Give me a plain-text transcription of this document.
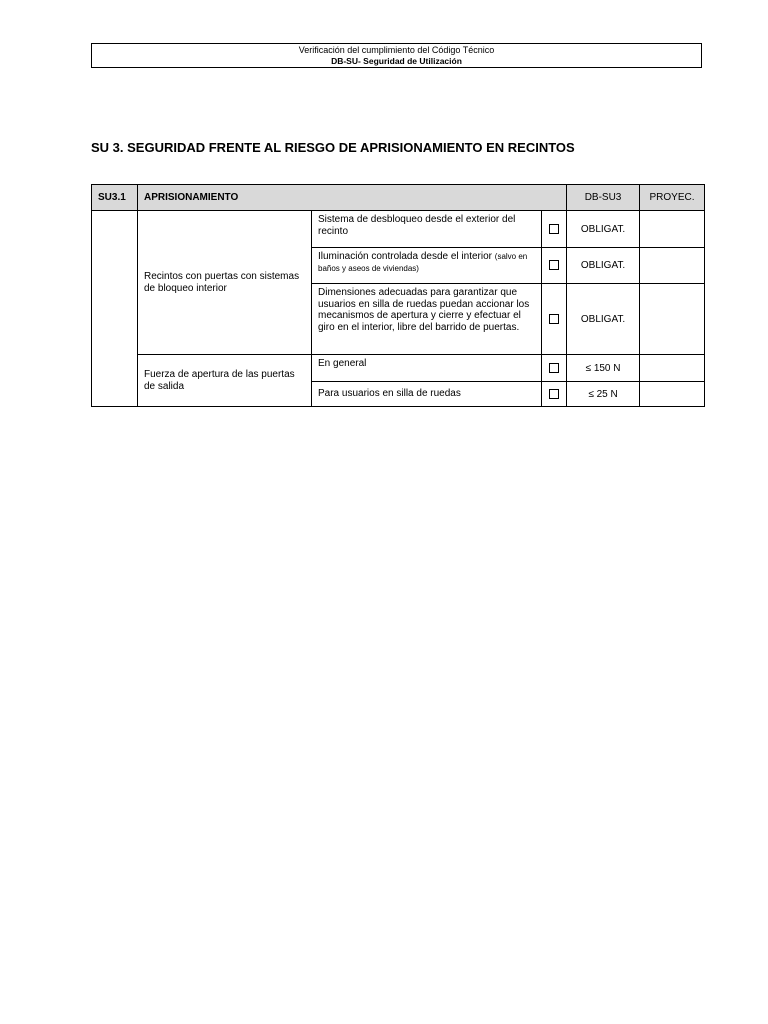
Verificación del cumplimiento del Código Técnico
DB-SU- Seguridad de Utilización
SU 3. SEGURIDAD FRENTE AL RIESGO DE APRISIONAMIENTO EN RECINTOS
SU3.1	APRISIONAMIENTO			DB-SU3	PROYEC.
	Recintos con puertas con sistemas de bloqueo interior	Sistema de desbloqueo desde el exterior del recinto		OBLIGAT.	
		Iluminación controlada desde el interior (salvo en baños y aseos de viviendas)		OBLIGAT.	
		Dimensiones adecuadas para garantizar que usuarios en silla de ruedas puedan accionar los mecanismos de apertura y cierre y efectuar el giro en el interior, libre del barrido de puertas.		OBLIGAT.	
	Fuerza de apertura de las puertas de salida	En general		≤ 150 N	
		Para usuarios en silla de ruedas		≤ 25 N	
